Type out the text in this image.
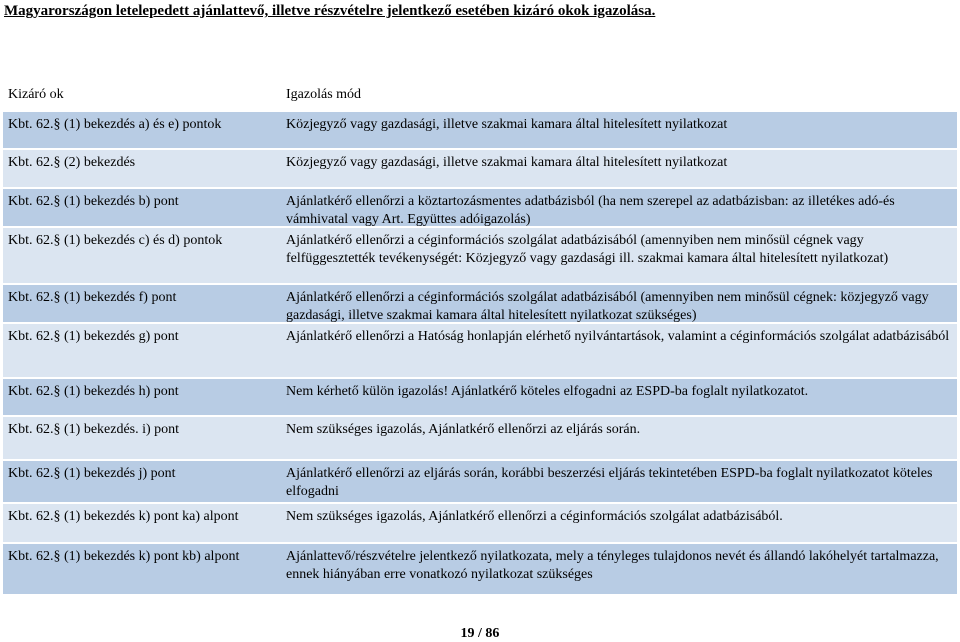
Magyarországon letelepedett ajánlattevő, illetve részvételre jelentkező esetében kizáró okok igazolása.
Kizáró ok	Igazolás mód
Kbt. 62.§ (1) bekezdés a) és e) pontok	Közjegyző vagy gazdasági, illetve szakmai kamara által hitelesített nyilatkozat
Kbt. 62.§ (2) bekezdés	Közjegyző vagy gazdasági, illetve szakmai kamara által hitelesített nyilatkozat
Kbt. 62.§ (1) bekezdés b) pont	Ajánlatkérő ellenőrzi a köztartozásmentes adatbázisból (ha nem szerepel az adatbázisban: az illetékes adó-és vámhivatal vagy Art. Együttes adóigazolás)
Kbt. 62.§ (1) bekezdés c) és d) pontok	Ajánlatkérő ellenőrzi a céginformációs szolgálat adatbázisából (amennyiben nem minősül cégnek vagy felfüggesztették tevékenységét: Közjegyző vagy gazdasági ill. szakmai kamara által hitelesített nyilatkozat)
Kbt. 62.§ (1) bekezdés f) pont	Ajánlatkérő ellenőrzi a céginformációs szolgálat adatbázisából (amennyiben nem minősül cégnek: közjegyző vagy gazdasági, illetve szakmai kamara által hitelesített nyilatkozat szükséges)
Kbt. 62.§ (1) bekezdés g) pont	Ajánlatkérő ellenőrzi a Hatóság honlapján elérhető nyilvántartások, valamint a céginformációs szolgálat adatbázisából
Kbt. 62.§ (1) bekezdés h) pont	Nem kérhető külön igazolás! Ajánlatkérő köteles elfogadni az ESPD-ba foglalt nyilatkozatot.
Kbt. 62.§ (1) bekezdés. i) pont	Nem szükséges igazolás, Ajánlatkérő ellenőrzi az eljárás során.
Kbt. 62.§ (1) bekezdés j) pont	Ajánlatkérő ellenőrzi az eljárás során, korábbi beszerzési eljárás tekintetében ESPD-ba foglalt nyilatkozatot köteles elfogadni
Kbt. 62.§ (1) bekezdés k) pont ka) alpont	Nem szükséges igazolás, Ajánlatkérő ellenőrzi a céginformációs szolgálat adatbázisából.
Kbt. 62.§ (1) bekezdés k) pont kb) alpont	Ajánlattevő/részvételre jelentkező nyilatkozata, mely a tényleges tulajdonos nevét és állandó lakóhelyét tartalmazza, ennek hiányában erre vonatkozó nyilatkozat szükséges
19 / 86
